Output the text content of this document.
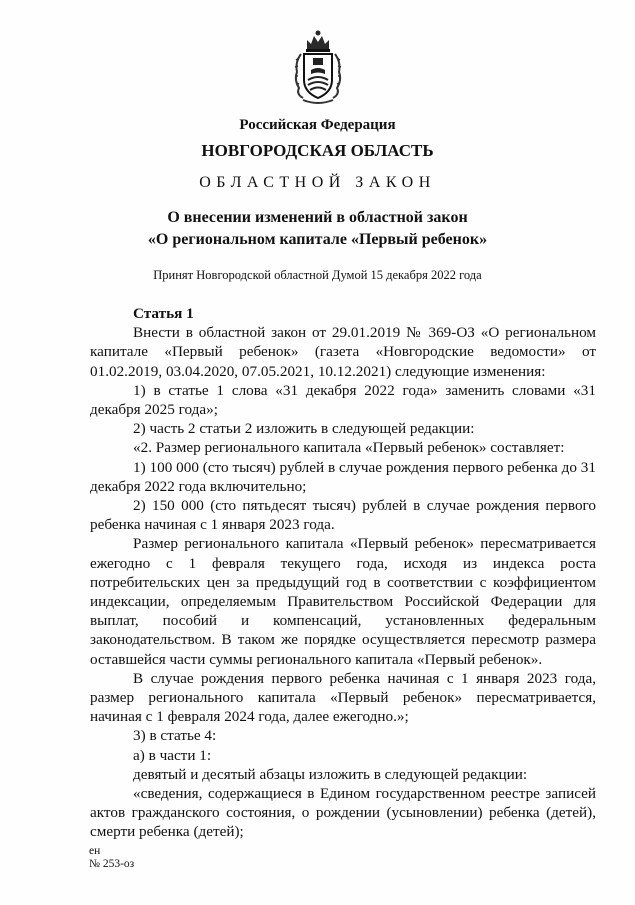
Российская Федерация
НОВГОРОДСКАЯ ОБЛАСТЬ
ОБЛАСТНОЙ ЗАКОН
О внесении изменений в областной закон
«О региональном капитале «Первый ребенок»
Принят Новгородской областной Думой 15 декабря 2022 года

Статья 1

Внести в областной закон от 29.01.2019 № 369-ОЗ «О региональном капитале «Первый ребенок» (газета «Новгородские ведомости» от 01.02.2019, 03.04.2020, 07.05.2021, 10.12.2021) следующие изменения:

1) в статье 1 слова «31 декабря 2022 года» заменить словами «31 декабря 2025 года»;

2) часть 2 статьи 2 изложить в следующей редакции:

«2. Размер регионального капитала «Первый ребенок» составляет:

1) 100 000 (сто тысяч) рублей в случае рождения первого ребенка до 31 декабря 2022 года включительно;

2) 150 000 (сто пятьдесят тысяч) рублей в случае рождения первого ребенка начиная с 1 января 2023 года.

Размер регионального капитала «Первый ребенок» пересматривается ежегодно с 1 февраля текущего года, исходя из индекса роста потребительских цен за предыдущий год в соответствии с коэффициентом индексации, определяемым Правительством Российской Федерации для выплат, пособий и компенсаций, установленных федеральным законодательством. В таком же порядке осуществляется пересмотр размера оставшейся части суммы регионального капитала «Первый ребенок».

В случае рождения первого ребенка начиная с 1 января 2023 года, размер регионального капитала «Первый ребенок» пересматривается, начиная с 1 февраля 2024 года, далее ежегодно.»;

3) в статье 4:

а) в части 1:

девятый и десятый абзацы изложить в следующей редакции:

«сведения, содержащиеся в Едином государственном реестре записей актов гражданского состояния, о рождении (усыновлении) ребенка (детей), смерти ребенка (детей);

ен
№ 253-оз
